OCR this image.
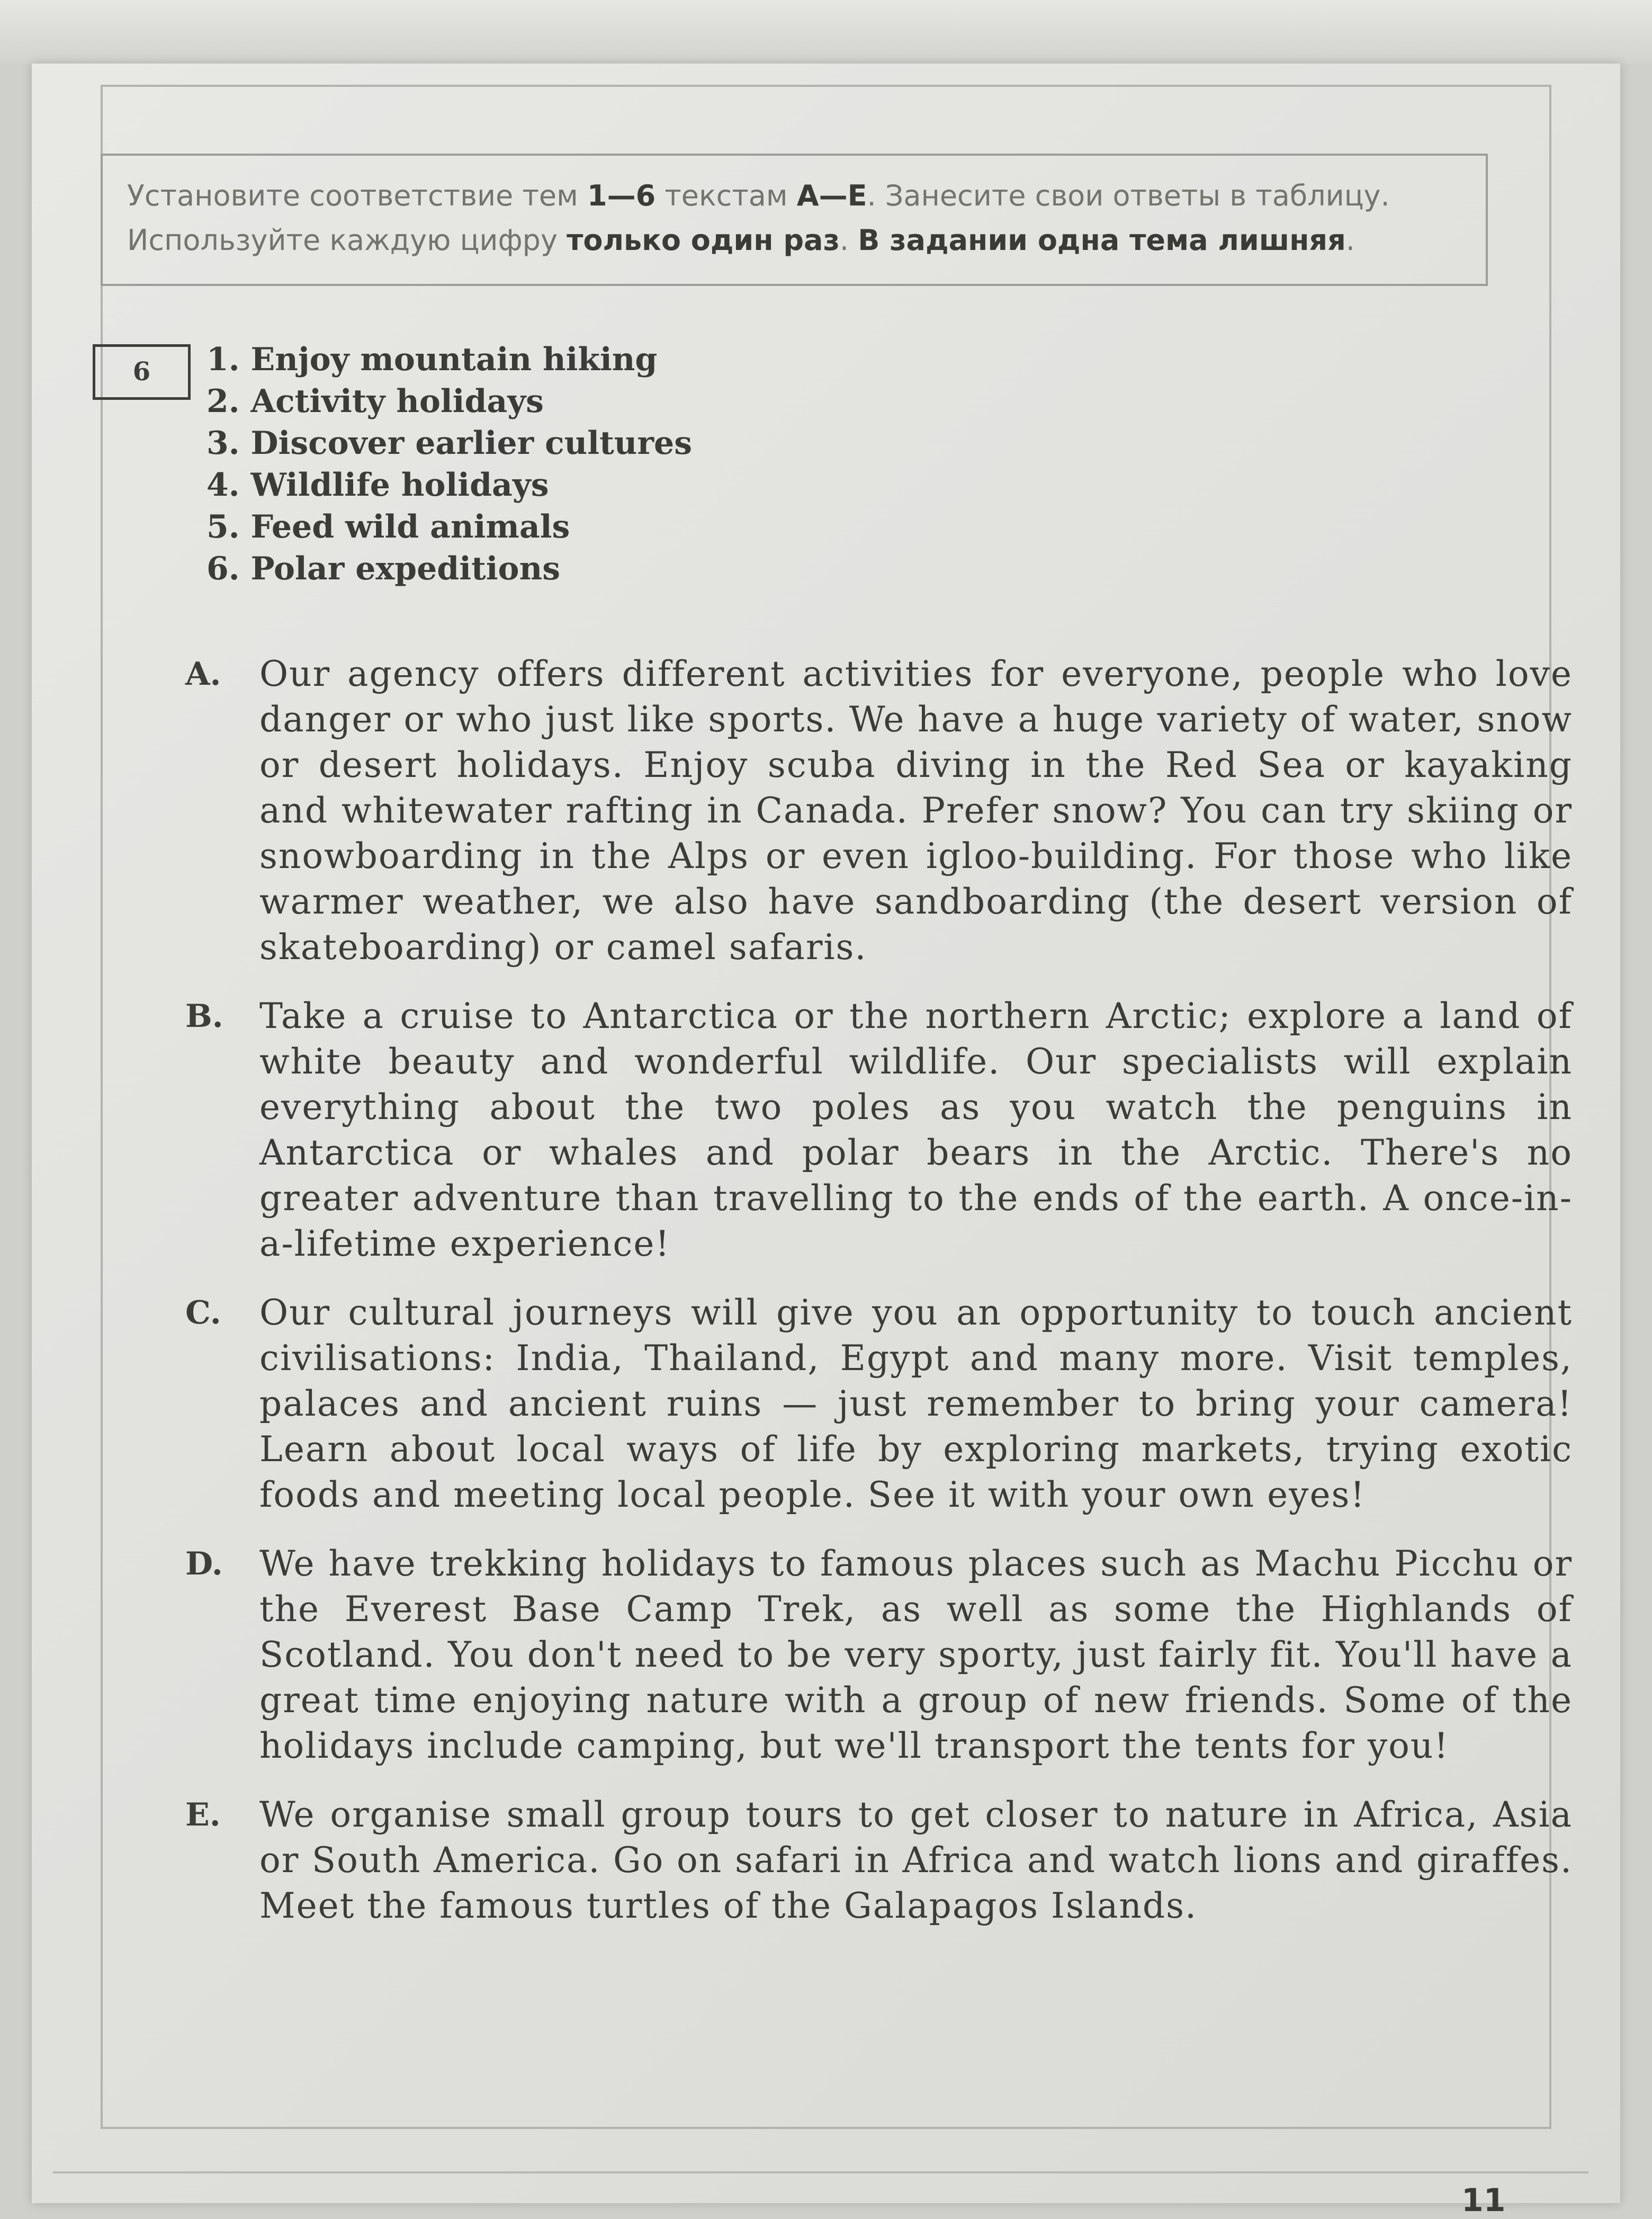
Установите соответствие тем 1—6 текстам А—E. Занесите свои ответы в таблицу. Используйте каждую цифру только один раз. В задании одна тема лишняя.
6	1. Enjoy mountain hiking
2. Activity holidays
3. Discover earlier cultures
4. Wildlife holidays
5. Feed wild animals
6. Polar expeditions
A.	Our agency offers different activities for everyone, people who love danger or who just like sports. We have a huge variety of water, snow or desert holidays. Enjoy scuba diving in the Red Sea or kayaking and whitewater rafting in Canada. Prefer snow? You can try skiing or snowboarding in the Alps or even igloo-building. For those who like warmer weather, we also have sandboarding (the desert version of skateboarding) or camel safaris.
B.	Take a cruise to Antarctica or the northern Arctic; explore a land of white beauty and wonderful wildlife. Our specialists will explain everything about the two poles as you watch the penguins in Antarctica or whales and polar bears in the Arctic. There's no greater adventure than travelling to the ends of the earth. A once-in-a-lifetime experience!
C.	Our cultural journeys will give you an opportunity to touch ancient civilisations: India, Thailand, Egypt and many more. Visit temples, palaces and ancient ruins — just remember to bring your camera! Learn about local ways of life by exploring markets, trying exotic foods and meeting local people. See it with your own eyes!
D.	We have trekking holidays to famous places such as Machu Picchu or the Everest Base Camp Trek, as well as some the Highlands of Scotland. You don't need to be very sporty, just fairly fit. You'll have a great time enjoying nature with a group of new friends. Some of the holidays include camping, but we'll transport the tents for you!
E.	We organise small group tours to get closer to nature in Africa, Asia or South America. Go on safari in Africa and watch lions and giraffes. Meet the famous turtles of the Galapagos Islands.
11
